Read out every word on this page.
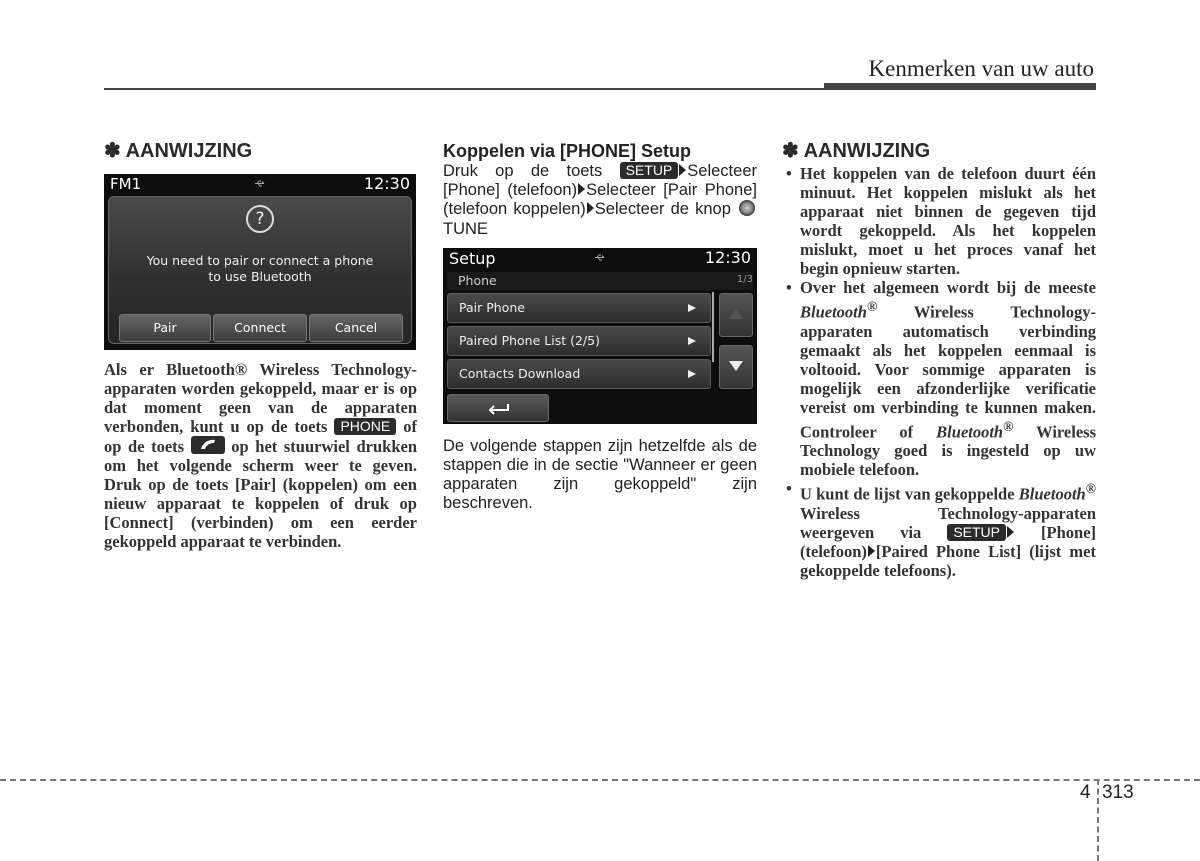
Kenmerken van uw auto
✽ AANWIJZING
FM1	12:30
?
You need to pair or connect a phone
to use Bluetooth
Pair	Connect	Cancel
Als er Bluetooth® Wireless Technology-apparaten worden gekoppeld, maar er is op dat moment geen van de apparaten verbonden, kunt u op de toets PHONE of op de toets	op het stuurwiel drukken om het volgende scherm weer te geven. Druk op de toets [Pair] (koppelen) om een nieuw apparaat te koppelen of druk op [Connect] (verbinden) om een eerder gekoppeld apparaat te verbinden.
Koppelen via [PHONE] Setup
Druk op de toets SETUP Selecteer [Phone] (telefoon) Selecteer [Pair Phone] (telefoon koppelen) Selecteer de knop  TUNE
Setup	12:30
Phone	1/3
Pair Phone
Paired Phone List (2/5)
Contacts Download
De volgende stappen zijn hetzelfde als de stappen die in de sectie "Wanneer er geen apparaten zijn gekoppeld" zijn beschreven.
✽ AANWIJZING
• Het koppelen van de telefoon duurt één minuut. Het koppelen mislukt als het apparaat niet binnen de gegeven tijd wordt gekoppeld. Als het koppelen mislukt, moet u het proces vanaf het begin opnieuw starten.
• Over het algemeen wordt bij de meeste Bluetooth® Wireless Technology-apparaten automatisch verbinding gemaakt als het koppelen eenmaal is voltooid. Voor sommige apparaten is mogelijk een afzonderlijke verificatie vereist om verbinding te kunnen maken. Controleer of Bluetooth® Wireless Technology goed is ingesteld op uw mobiele telefoon.
• U kunt de lijst van gekoppelde Bluetooth® Wireless Technology-apparaten weergeven via SETUP [Phone] (telefoon) [Paired Phone List] (lijst met gekoppelde telefoons).
4 313
